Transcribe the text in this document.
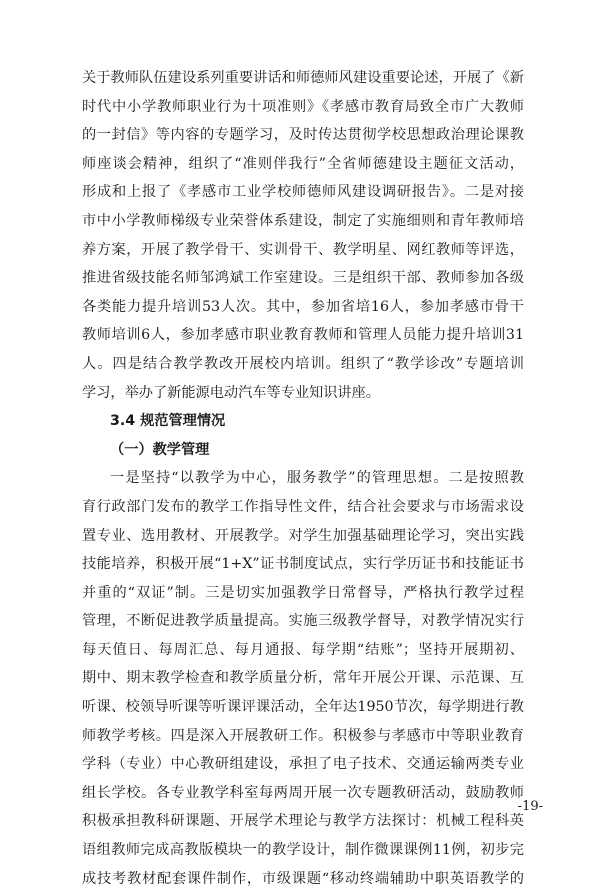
关于教师队伍建设系列重要讲话和师德师风建设重要论述，开展了《新
时代中小学教师职业行为十项准则》《孝感市教育局致全市广大教师
的一封信》等内容的专题学习，及时传达贯彻学校思想政治理论课教
师座谈会精神，组织了“准则伴我行”全省师德建设主题征文活动，
形成和上报了《孝感市工业学校师德师风建设调研报告》。二是对接
市中小学教师梯级专业荣誉体系建设，制定了实施细则和青年教师培
养方案，开展了教学骨干、实训骨干、教学明星、网红教师等评选，
推进省级技能名师邹鸿斌工作室建设。三是组织干部、教师参加各级
各类能力提升培训53人次。其中，参加省培16人，参加孝感市骨干
教师培训6人，参加孝感市职业教育教师和管理人员能力提升培训31
人。四是结合教学教改开展校内培训。组织了“教学诊改”专题培训
学习，举办了新能源电动汽车等专业知识讲座。
3.4 规范管理情况
（一）教学管理
一是坚持“以教学为中心，服务教学”的管理思想。二是按照教
育行政部门发布的教学工作指导性文件，结合社会要求与市场需求设
置专业、选用教材、开展教学。对学生加强基础理论学习，突出实践
技能培养，积极开展“1+X”证书制度试点，实行学历证书和技能证书
并重的“双证”制。三是切实加强教学日常督导，严格执行教学过程
管理，不断促进教学质量提高。实施三级教学督导，对教学情况实行
每天值日、每周汇总、每月通报、每学期“结账”；坚持开展期初、
期中、期末教学检查和教学质量分析，常年开展公开课、示范课、互
听课、校领导听课等听课评课活动，全年达1950节次，每学期进行教
师教学考核。四是深入开展教研工作。积极参与孝感市中等职业教育
学科（专业）中心教研组建设，承担了电子技术、交通运输两类专业
组长学校。各专业教学科室每两周开展一次专题教研活动，鼓励教师
积极承担教科研课题、开展学术理论与教学方法探讨：机械工程科英
语组教师完成高教版模块一的教学设计，制作微课课例11例，初步完
成技考教材配套课件制作，市级课题“移动终端辅助中职英语教学的
-19-
